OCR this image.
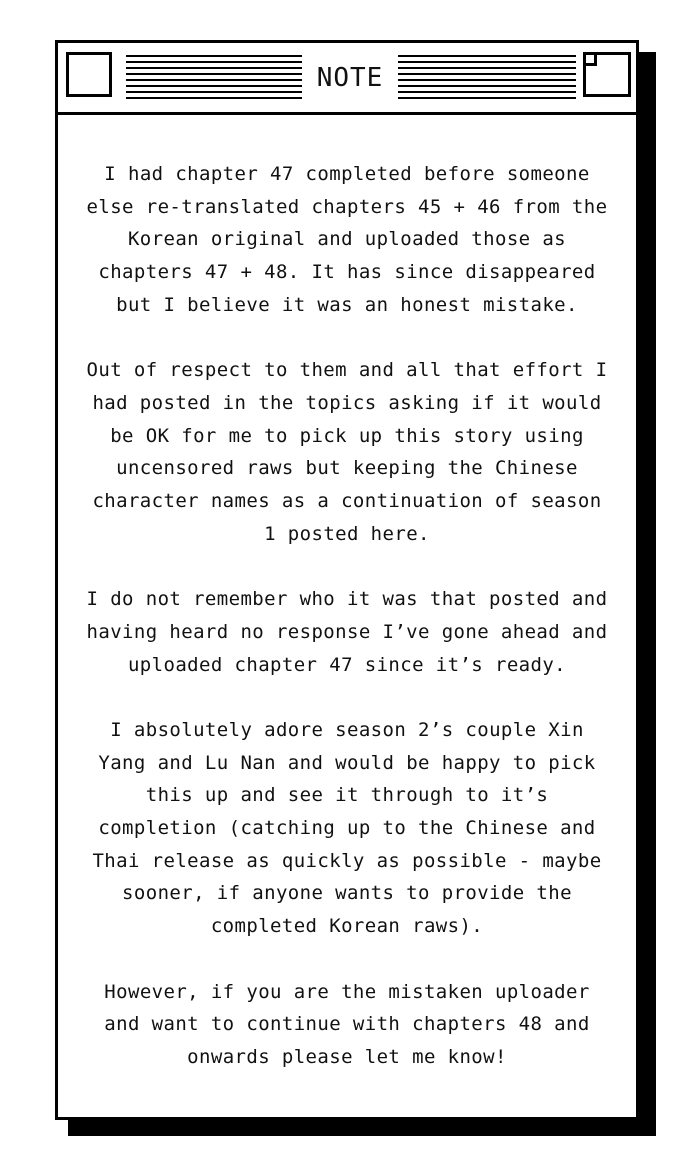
NOTE

I had chapter 47 completed before someone
else re-translated chapters 45 + 46 from the
Korean original and uploaded those as
chapters 47 + 48. It has since disappeared
but I believe it was an honest mistake.

Out of respect to them and all that effort I
had posted in the topics asking if it would
be OK for me to pick up this story using
uncensored raws but keeping the Chinese
character names as a continuation of season
1 posted here.

I do not remember who it was that posted and
having heard no response I’ve gone ahead and
uploaded chapter 47 since it’s ready.

I absolutely adore season 2’s couple Xin
Yang and Lu Nan and would be happy to pick
this up and see it through to it’s
completion (catching up to the Chinese and
Thai release as quickly as possible - maybe
sooner, if anyone wants to provide the
completed Korean raws).

However, if you are the mistaken uploader
and want to continue with chapters 48 and
onwards please let me know!
